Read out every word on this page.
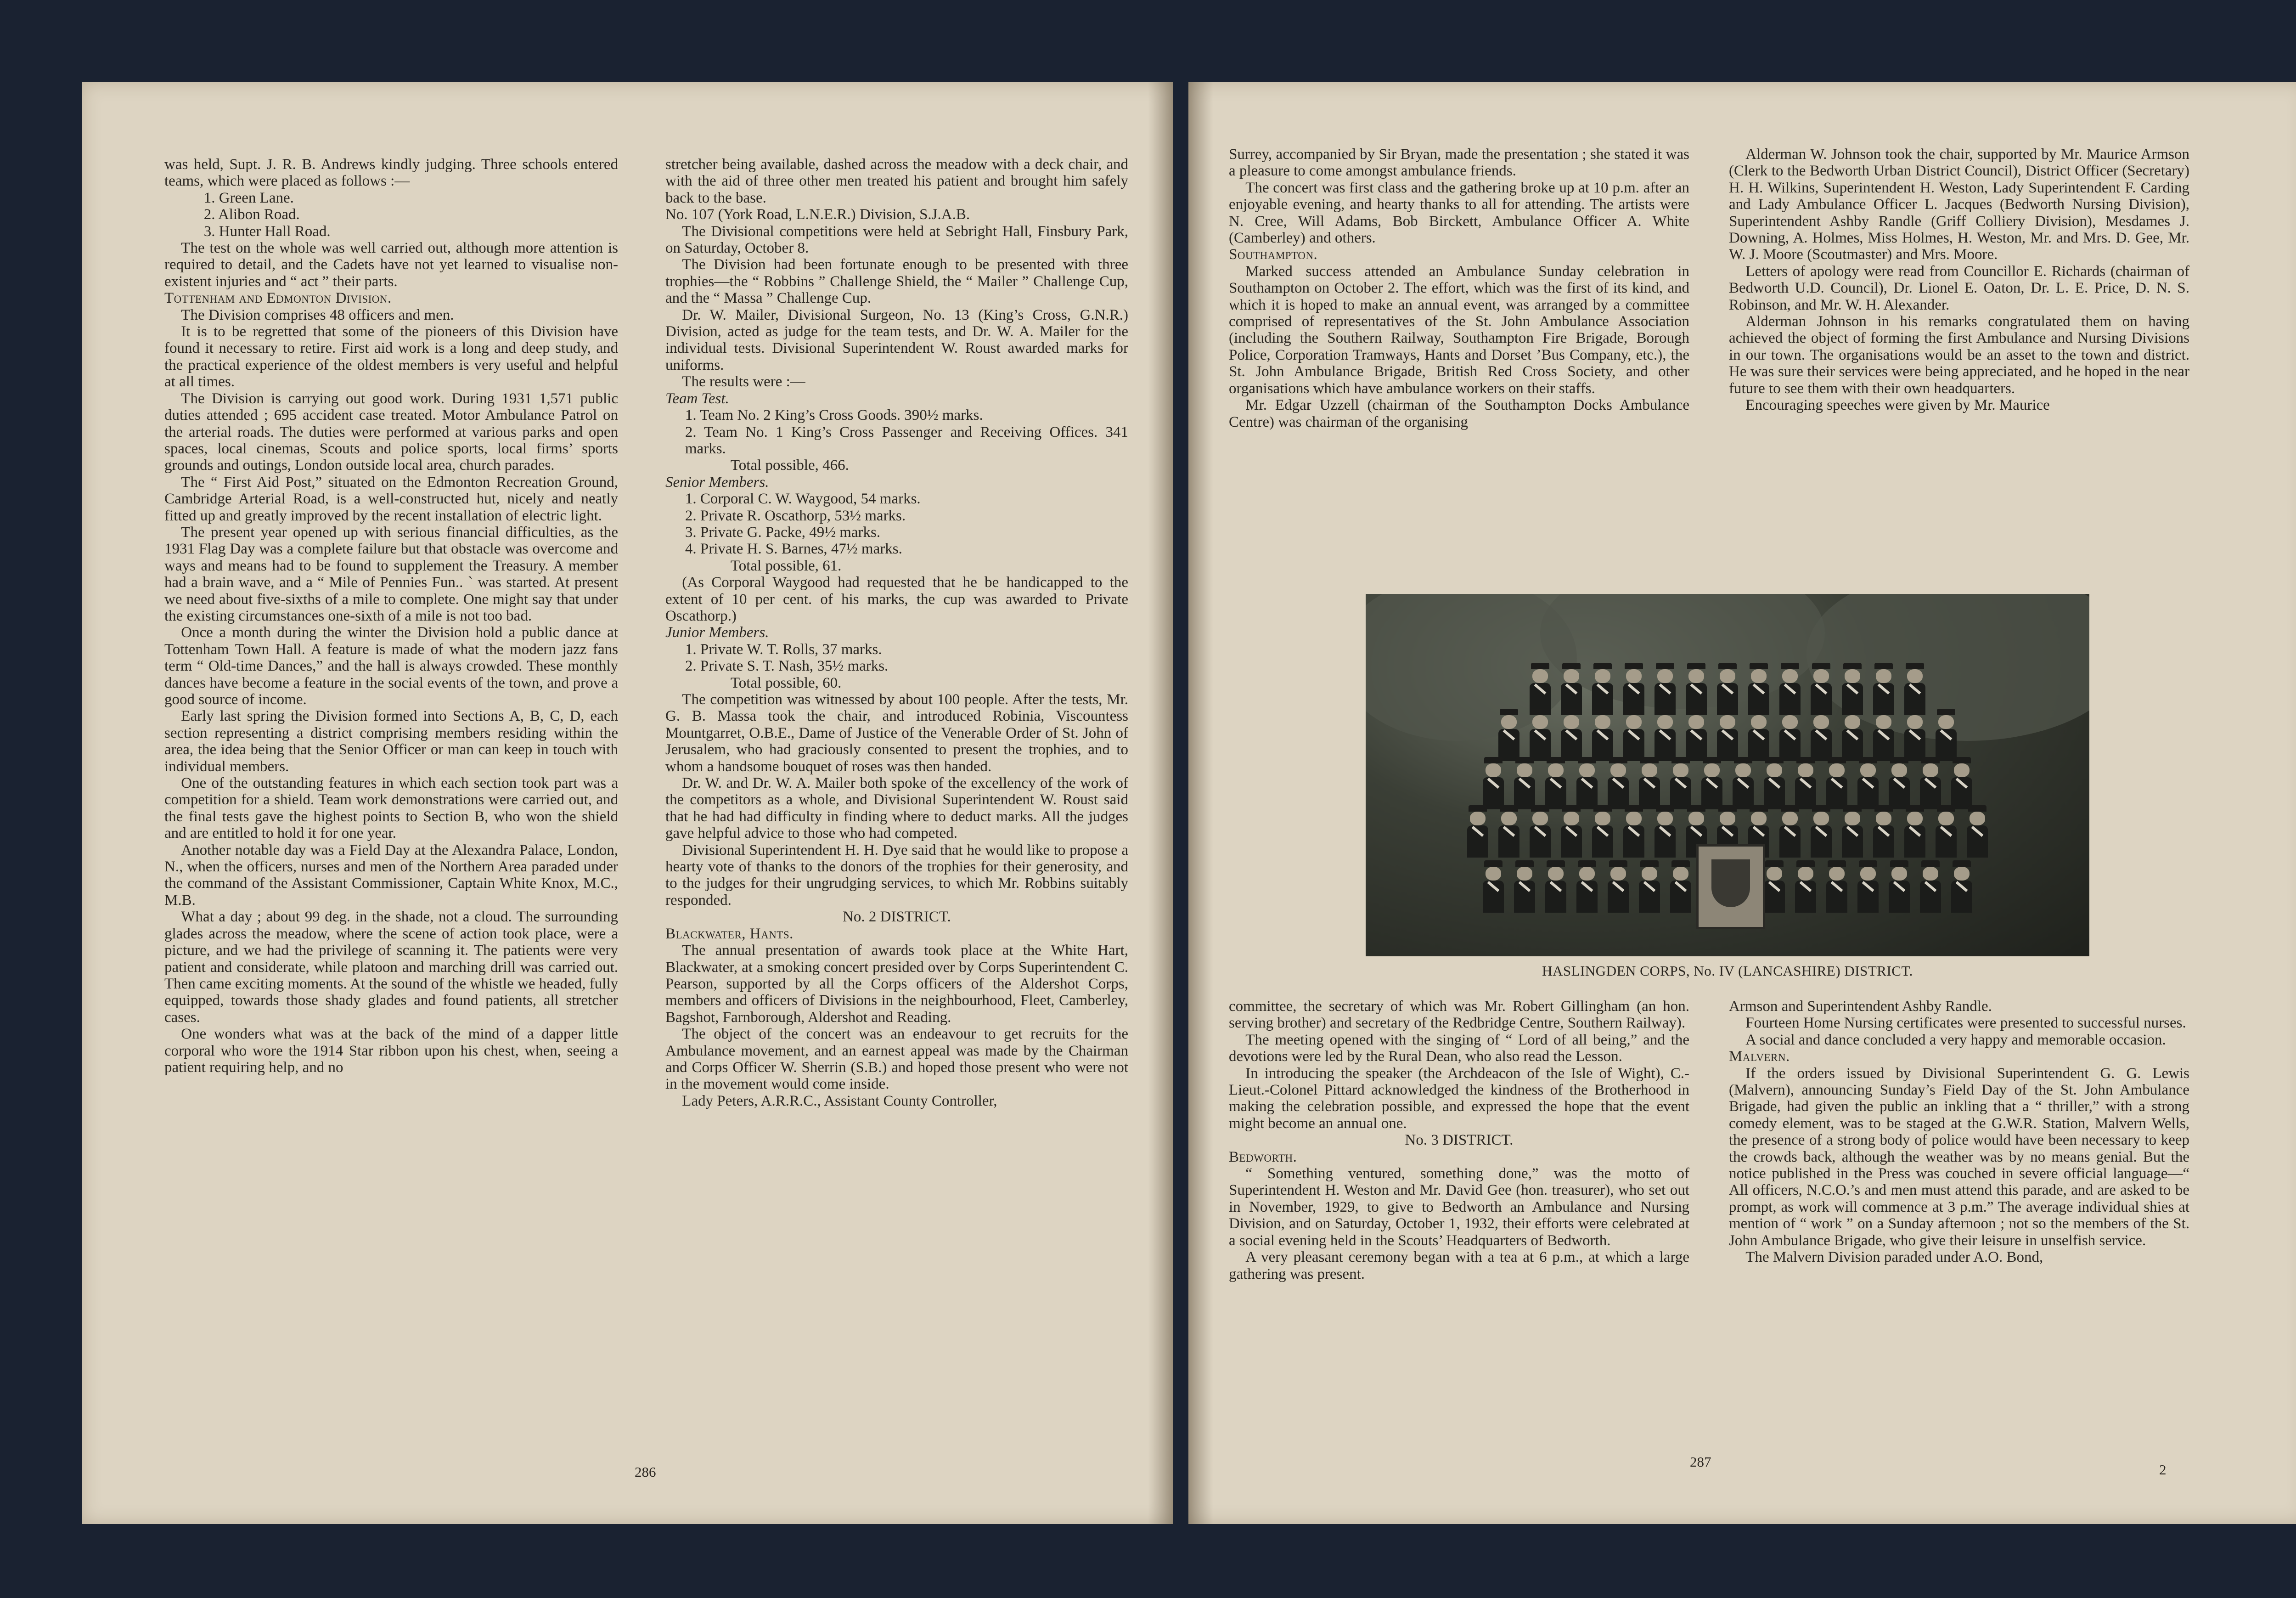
was held, Supt. J. R. B. Andrews kindly judging. Three schools entered teams, which were placed as follows :—

1. Green Lane.

2. Alibon Road.

3. Hunter Hall Road.

The test on the whole was well carried out, although more attention is required to detail, and the Cadets have not yet learned to visualise non-existent injuries and “ act ” their parts.

Tottenham and Edmonton Division.

The Division comprises 48 officers and men.

It is to be regretted that some of the pioneers of this Division have found it necessary to retire. First aid work is a long and deep study, and the practical experience of the oldest members is very useful and helpful at all times.

The Division is carrying out good work. During 1931 1,571 public duties attended ; 695 accident case treated. Motor Ambulance Patrol on the arterial roads. The duties were performed at various parks and open spaces, local cinemas, Scouts and police sports, local firms’ sports grounds and outings, London outside local area, church parades.

The “ First Aid Post,” situated on the Edmonton Recreation Ground, Cambridge Arterial Road, is a well-constructed hut, nicely and neatly fitted up and greatly improved by the recent installation of electric light.

The present year opened up with serious financial difficulties, as the 1931 Flag Day was a complete failure but that obstacle was overcome and ways and means had to be found to supplement the Treasury. A member had a brain wave, and a “ Mile of Pennies Fun.. ` was started. At present we need about five-sixths of a mile to complete. One might say that under the existing circumstances one-sixth of a mile is not too bad.

Once a month during the winter the Division hold a public dance at Tottenham Town Hall. A feature is made of what the modern jazz fans term “ Old-time Dances,” and the hall is always crowded. These monthly dances have become a feature in the social events of the town, and prove a good source of income.

Early last spring the Division formed into Sections A, B, C, D, each section representing a district comprising members residing within the area, the idea being that the Senior Officer or man can keep in touch with individual members.

One of the outstanding features in which each section took part was a competition for a shield. Team work demonstrations were carried out, and the final tests gave the highest points to Section B, who won the shield and are entitled to hold it for one year.

Another notable day was a Field Day at the Alexandra Palace, London, N., when the officers, nurses and men of the Northern Area paraded under the command of the Assistant Commissioner, Captain White Knox, M.C., M.B.

What a day ; about 99 deg. in the shade, not a cloud. The surrounding glades across the meadow, where the scene of action took place, were a picture, and we had the privilege of scanning it. The patients were very patient and considerate, while platoon and marching drill was carried out. Then came exciting moments. At the sound of the whistle we headed, fully equipped, towards those shady glades and found patients, all stretcher cases.

One wonders what was at the back of the mind of a dapper little corporal who wore the 1914 Star ribbon upon his chest, when, seeing a patient requiring help, and no

stretcher being available, dashed across the meadow with a deck chair, and with the aid of three other men treated his patient and brought him safely back to the base.

No. 107 (York Road, L.N.E.R.) Division, S.J.A.B.

The Divisional competitions were held at Sebright Hall, Finsbury Park, on Saturday, October 8.

The Division had been fortunate enough to be presented with three trophies—the “ Robbins ” Challenge Shield, the “ Mailer ” Challenge Cup, and the “ Massa ” Challenge Cup.

Dr. W. Mailer, Divisional Surgeon, No. 13 (King’s Cross, G.N.R.) Division, acted as judge for the team tests, and Dr. W. A. Mailer for the individual tests. Divisional Superintendent W. Roust awarded marks for uniforms.

The results were :—

Team Test.

1. Team No. 2 King’s Cross Goods. 390½ marks.

2. Team No. 1 King’s Cross Passenger and Receiving Offices. 341 marks.

Total possible, 466.

Senior Members.

1. Corporal C. W. Waygood, 54 marks.

2. Private R. Oscathorp, 53½ marks.

3. Private G. Packe, 49½ marks.

4. Private H. S. Barnes, 47½ marks.

Total possible, 61.

(As Corporal Waygood had requested that he be handicapped to the extent of 10 per cent. of his marks, the cup was awarded to Private Oscathorp.)

Junior Members.

1. Private W. T. Rolls, 37 marks.

2. Private S. T. Nash, 35½ marks.

Total possible, 60.

The competition was witnessed by about 100 people. After the tests, Mr. G. B. Massa took the chair, and introduced Robinia, Viscountess Mountgarret, O.B.E., Dame of Justice of the Venerable Order of St. John of Jerusalem, who had graciously consented to present the trophies, and to whom a handsome bouquet of roses was then handed.

Dr. W. and Dr. W. A. Mailer both spoke of the excellency of the work of the competitors as a whole, and Divisional Superintendent W. Roust said that he had had difficulty in finding where to deduct marks. All the judges gave helpful advice to those who had competed.

Divisional Superintendent H. H. Dye said that he would like to propose a hearty vote of thanks to the donors of the trophies for their generosity, and to the judges for their ungrudging services, to which Mr. Robbins suitably responded.

No. 2 DISTRICT.

Blackwater, Hants.

The annual presentation of awards took place at the White Hart, Blackwater, at a smoking concert presided over by Corps Superintendent C. Pearson, supported by all the Corps officers of the Aldershot Corps, members and officers of Divisions in the neighbourhood, Fleet, Camberley, Bagshot, Farnborough, Aldershot and Reading.

The object of the concert was an endeavour to get recruits for the Ambulance movement, and an earnest appeal was made by the Chairman and Corps Officer W. Sherrin (S.B.) and hoped those present who were not in the movement would come inside.

Lady Peters, A.R.R.C., Assistant County Controller,

Surrey, accompanied by Sir Bryan, made the presentation ; she stated it was a pleasure to come amongst ambulance friends.

The concert was first class and the gathering broke up at 10 p.m. after an enjoyable evening, and hearty thanks to all for attending. The artists were N. Cree, Will Adams, Bob Birckett, Ambulance Officer A. White (Camberley) and others.

Southampton.

Marked success attended an Ambulance Sunday celebration in Southampton on October 2. The effort, which was the first of its kind, and which it is hoped to make an annual event, was arranged by a committee comprised of representatives of the St. John Ambulance Association (including the Southern Railway, Southampton Fire Brigade, Borough Police, Corporation Tramways, Hants and Dorset ’Bus Company, etc.), the St. John Ambulance Brigade, British Red Cross Society, and other organisations which have ambulance workers on their staffs.

Mr. Edgar Uzzell (chairman of the Southampton Docks Ambulance Centre) was chairman of the organising

Alderman W. Johnson took the chair, supported by Mr. Maurice Armson (Clerk to the Bedworth Urban District Council), District Officer (Secretary) H. H. Wilkins, Superintendent H. Weston, Lady Superintendent F. Carding and Lady Ambulance Officer L. Jacques (Bedworth Nursing Division), Superintendent Ashby Randle (Griff Colliery Division), Mesdames J. Downing, A. Holmes, Miss Holmes, H. Weston, Mr. and Mrs. D. Gee, Mr. W. J. Moore (Scoutmaster) and Mrs. Moore.

Letters of apology were read from Councillor E. Richards (chairman of Bedworth U.D. Council), Dr. Lionel E. Oaton, Dr. L. E. Price, D. N. S. Robinson, and Mr. W. H. Alexander.

Alderman Johnson in his remarks congratulated them on having achieved the object of forming the first Ambulance and Nursing Divisions in our town. The organisations would be an asset to the town and district. He was sure their services were being appreciated, and he hoped in the near future to see them with their own headquarters.

Encouraging speeches were given by Mr. Maurice

HASLINGDEN CORPS, No. IV (LANCASHIRE) DISTRICT.

committee, the secretary of which was Mr. Robert Gillingham (an hon. serving brother) and secretary of the Redbridge Centre, Southern Railway).

The meeting opened with the singing of “ Lord of all being,” and the devotions were led by the Rural Dean, who also read the Lesson.

In introducing the speaker (the Archdeacon of the Isle of Wight), C.-Lieut.-Colonel Pittard acknowledged the kindness of the Brotherhood in making the celebration possible, and expressed the hope that the event might become an annual one.

No. 3 DISTRICT.

Bedworth.

“ Something ventured, something done,” was the motto of Superintendent H. Weston and Mr. David Gee (hon. treasurer), who set out in November, 1929, to give to Bedworth an Ambulance and Nursing Division, and on Saturday, October 1, 1932, their efforts were celebrated at a social evening held in the Scouts’ Headquarters of Bedworth.

A very pleasant ceremony began with a tea at 6 p.m., at which a large gathering was present.

Armson and Superintendent Ashby Randle.

Fourteen Home Nursing certificates were presented to successful nurses.

A social and dance concluded a very happy and memorable occasion.

Malvern.

If the orders issued by Divisional Superintendent G. G. Lewis (Malvern), announcing Sunday’s Field Day of the St. John Ambulance Brigade, had given the public an inkling that a “ thriller,” with a strong comedy element, was to be staged at the G.W.R. Station, Malvern Wells, the presence of a strong body of police would have been necessary to keep the crowds back, although the weather was by no means genial. But the notice published in the Press was couched in severe official language—“ All officers, N.C.O.’s and men must attend this parade, and are asked to be prompt, as work will commence at 3 p.m.” The average individual shies at mention of “ work ” on a Sunday afternoon ; not so the members of the St. John Ambulance Brigade, who give their leisure in unselfish service.

The Malvern Division paraded under A.O. Bond,

286
287	2
